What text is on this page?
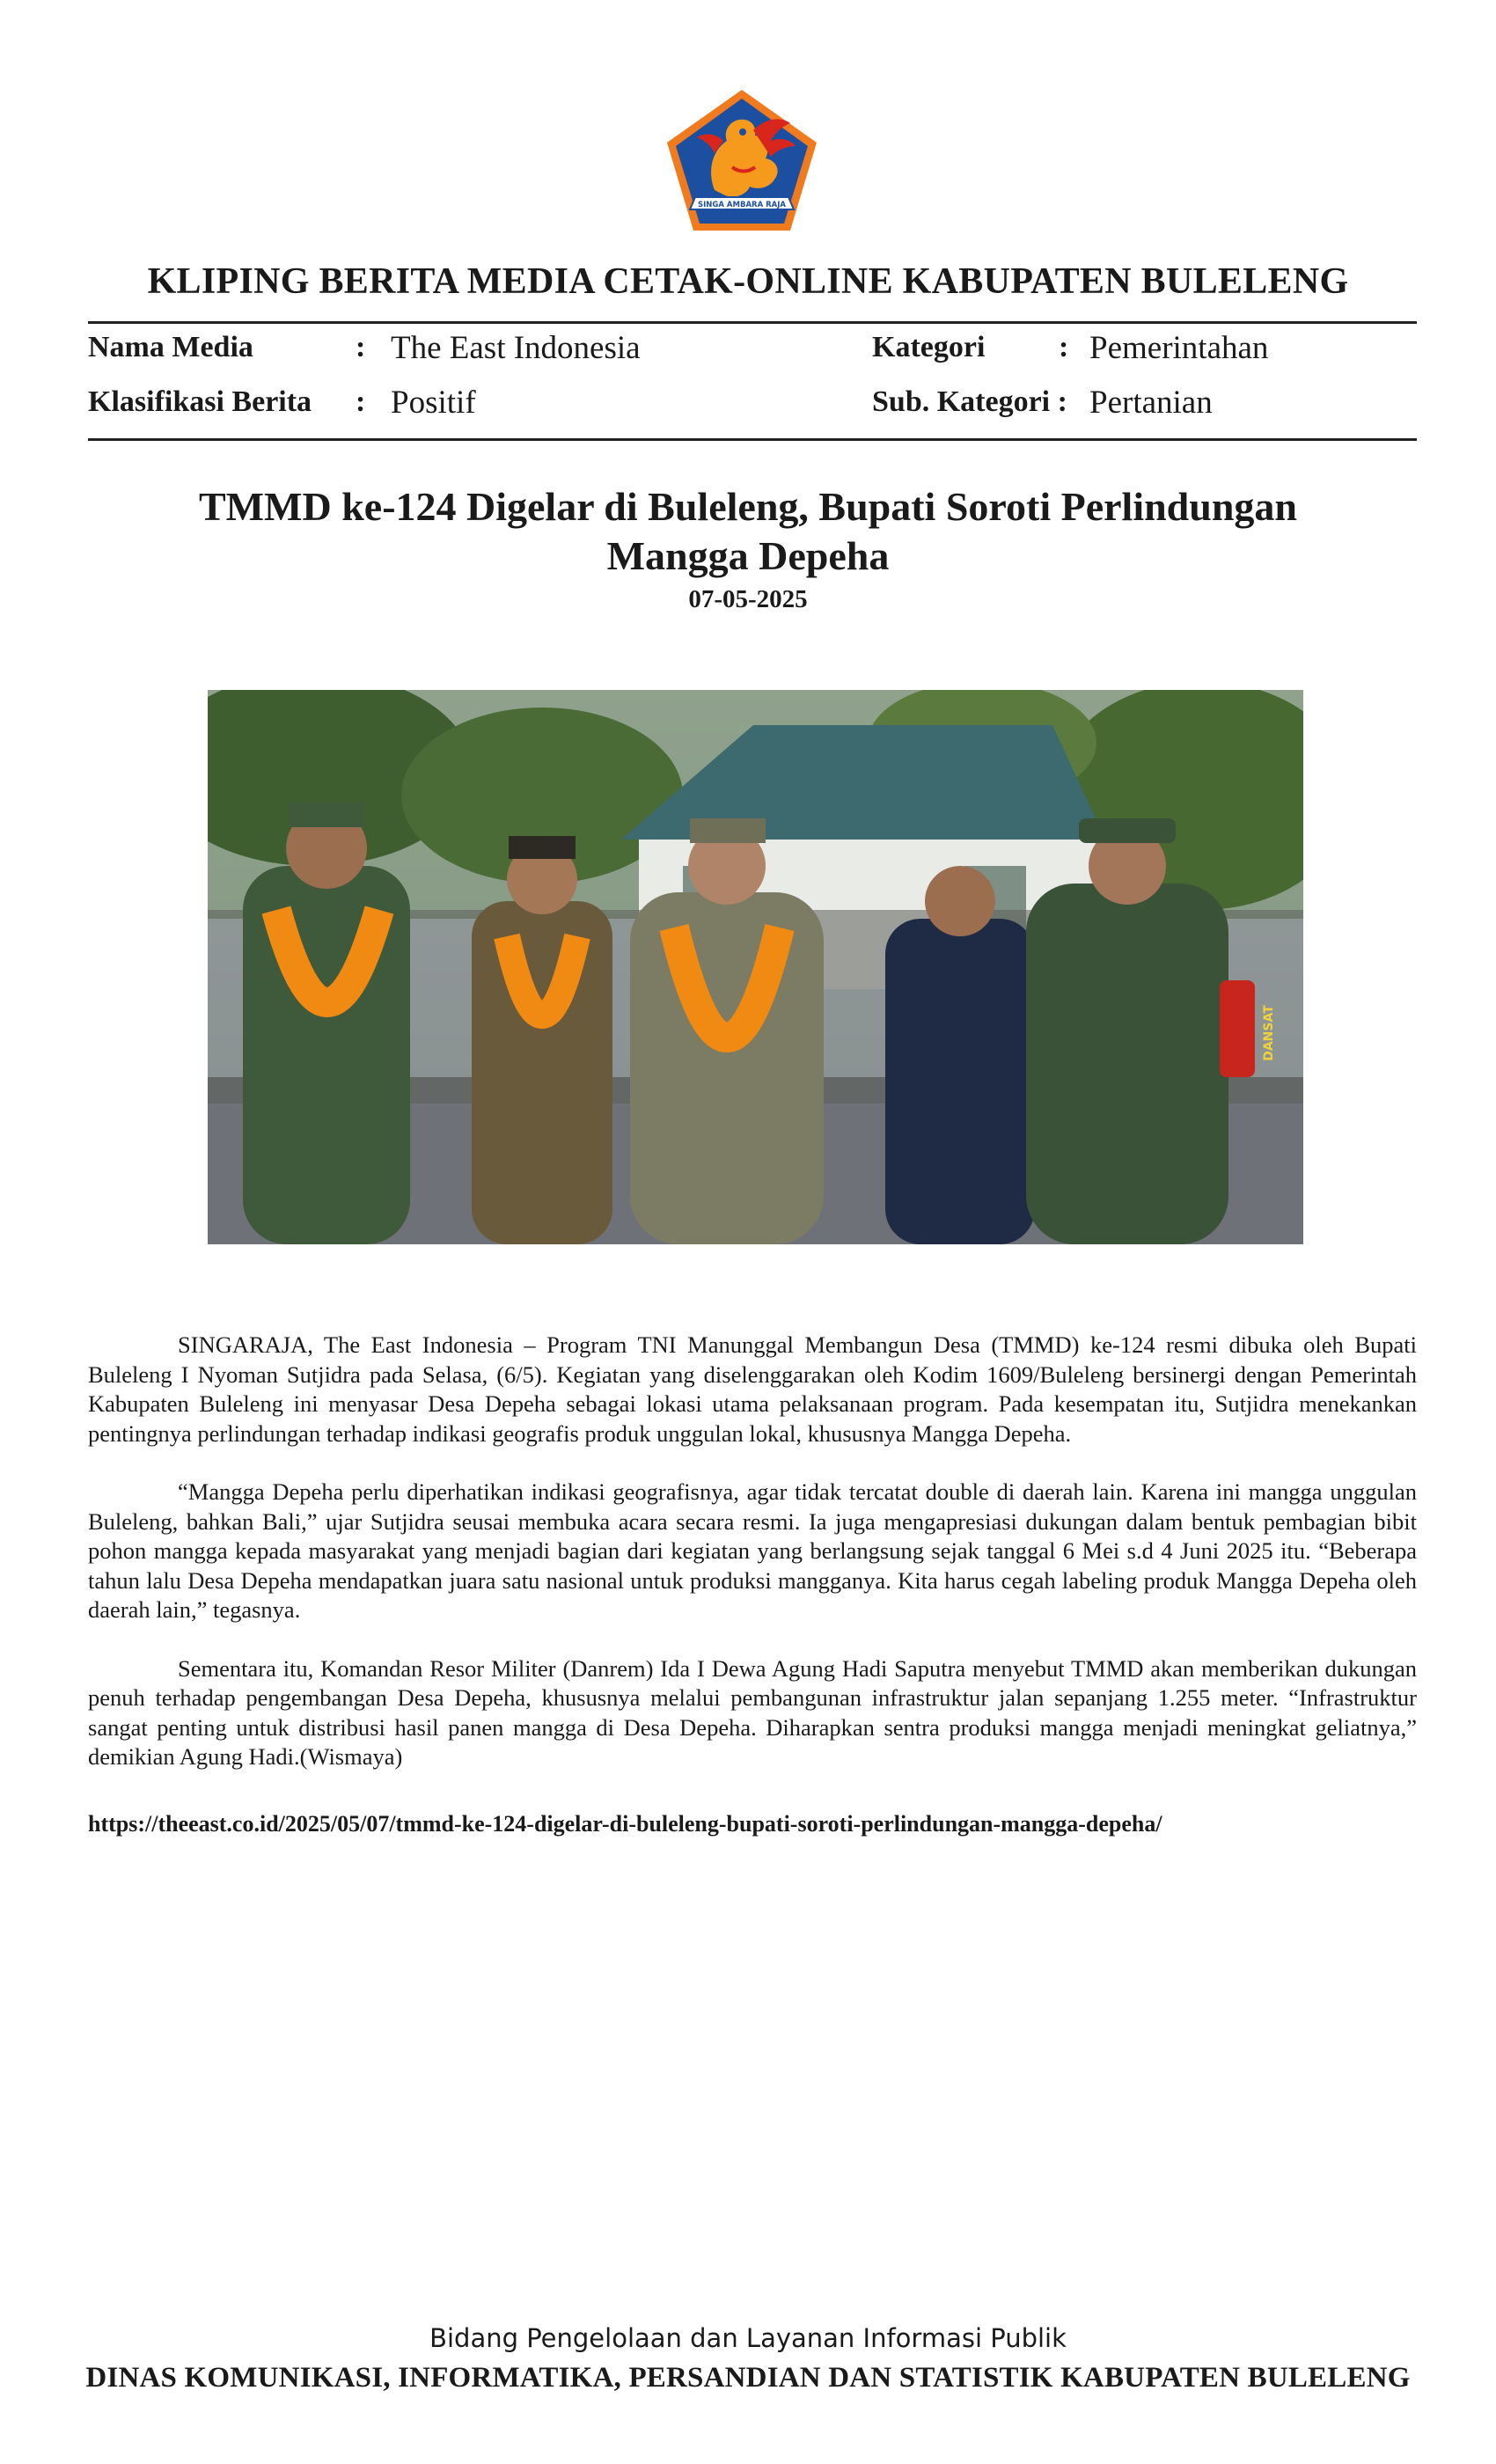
SINGA AMBARA RAJA
KLIPING BERITA MEDIA CETAK-ONLINE KABUPATEN BULELENG
Nama Media	: The East Indonesia	Kategori : Pemerintahan
Klasifikasi Berita : Positif	Sub. Kategori : Pertanian
TMMD ke-124 Digelar di Buleleng, Bupati Soroti Perlindungan Mangga Depeha
07-05-2025
DANSAT

SINGARAJA, The East Indonesia – Program TNI Manunggal Membangun Desa (TMMD) ke-124 resmi dibuka oleh Bupati Buleleng I Nyoman Sutjidra pada Selasa, (6/5). Kegiatan yang diselenggarakan oleh Kodim 1609/Buleleng bersinergi dengan Pemerintah Kabupaten Buleleng ini menyasar Desa Depeha sebagai lokasi utama pelaksanaan program. Pada kesempatan itu, Sutjidra menekankan pentingnya perlindungan terhadap indikasi geografis produk unggulan lokal, khususnya Mangga Depeha.

“Mangga Depeha perlu diperhatikan indikasi geografisnya, agar tidak tercatat double di daerah lain. Karena ini mangga unggulan Buleleng, bahkan Bali,” ujar Sutjidra seusai membuka acara secara resmi. Ia juga mengapresiasi dukungan dalam bentuk pembagian bibit pohon mangga kepada masyarakat yang menjadi bagian dari kegiatan yang berlangsung sejak tanggal 6 Mei s.d 4 Juni 2025 itu. “Beberapa tahun lalu Desa Depeha mendapatkan juara satu nasional untuk produksi mangganya. Kita harus cegah labeling produk Mangga Depeha oleh daerah lain,” tegasnya.

Sementara itu, Komandan Resor Militer (Danrem) Ida I Dewa Agung Hadi Saputra menyebut TMMD akan memberikan dukungan penuh terhadap pengembangan Desa Depeha, khususnya melalui pembangunan infrastruktur jalan sepanjang 1.255 meter. “Infrastruktur sangat penting untuk distribusi hasil panen mangga di Desa Depeha. Diharapkan sentra produksi mangga menjadi meningkat geliatnya,” demikian Agung Hadi.(Wismaya)

https://theeast.co.id/2025/05/07/tmmd-ke-124-digelar-di-buleleng-bupati-soroti-perlindungan-mangga-depeha/
Bidang Pengelolaan dan Layanan Informasi Publik
DINAS KOMUNIKASI, INFORMATIKA, PERSANDIAN DAN STATISTIK KABUPATEN BULELENG
